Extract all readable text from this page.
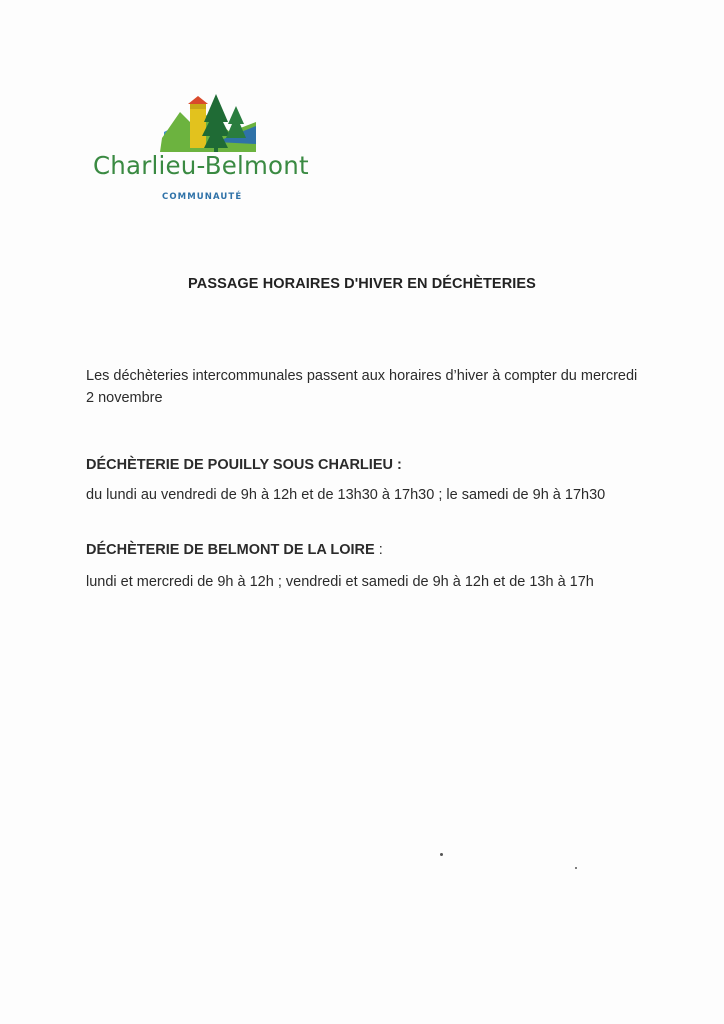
Charlieu-Belmont
COMMUNAUTÉ
PASSAGE HORAIRES D'HIVER EN DÉCHÈTERIES
Les déchèteries intercommunales passent aux horaires d’hiver à compter du mercredi 2 novembre
DÉCHÈTERIE DE POUILLY SOUS CHARLIEU :
du lundi au vendredi de 9h à 12h et de 13h30 à 17h30 ; le samedi de 9h à 17h30
DÉCHÈTERIE DE BELMONT DE LA LOIRE :
lundi et mercredi de 9h à 12h ; vendredi et samedi de 9h à 12h et de 13h à 17h
